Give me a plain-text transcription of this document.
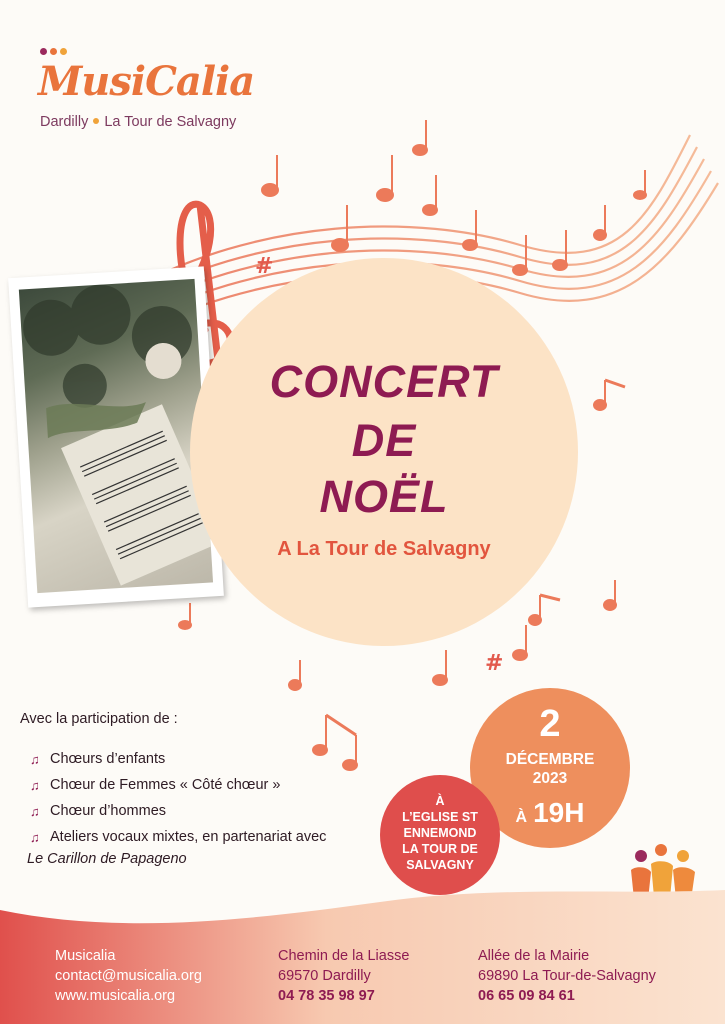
#
#
MusiCalia
Dardilly La Tour de Salvagny
CONCERT
DE
NOËL
A La Tour de Salvagny
Avec la participation de :
♫ Chœurs d’enfants
♫ Chœur de Femmes « Côté chœur »
♫ Chœur d’hommes
♫ Ateliers vocaux mixtes, en partenariat avec
Le Carillon de Papageno
2
DÉCEMBRE
2023
À 19H
À
L’EGLISE ST
ENNEMOND
LA TOUR DE
SALVAGNY
Musicalia
contact@musicalia.org
www.musicalia.org
Chemin de la Liasse
69570 Dardilly
04 78 35 98 97
Allée de la Mairie
69890 La Tour-de-Salvagny
06 65 09 84 61
